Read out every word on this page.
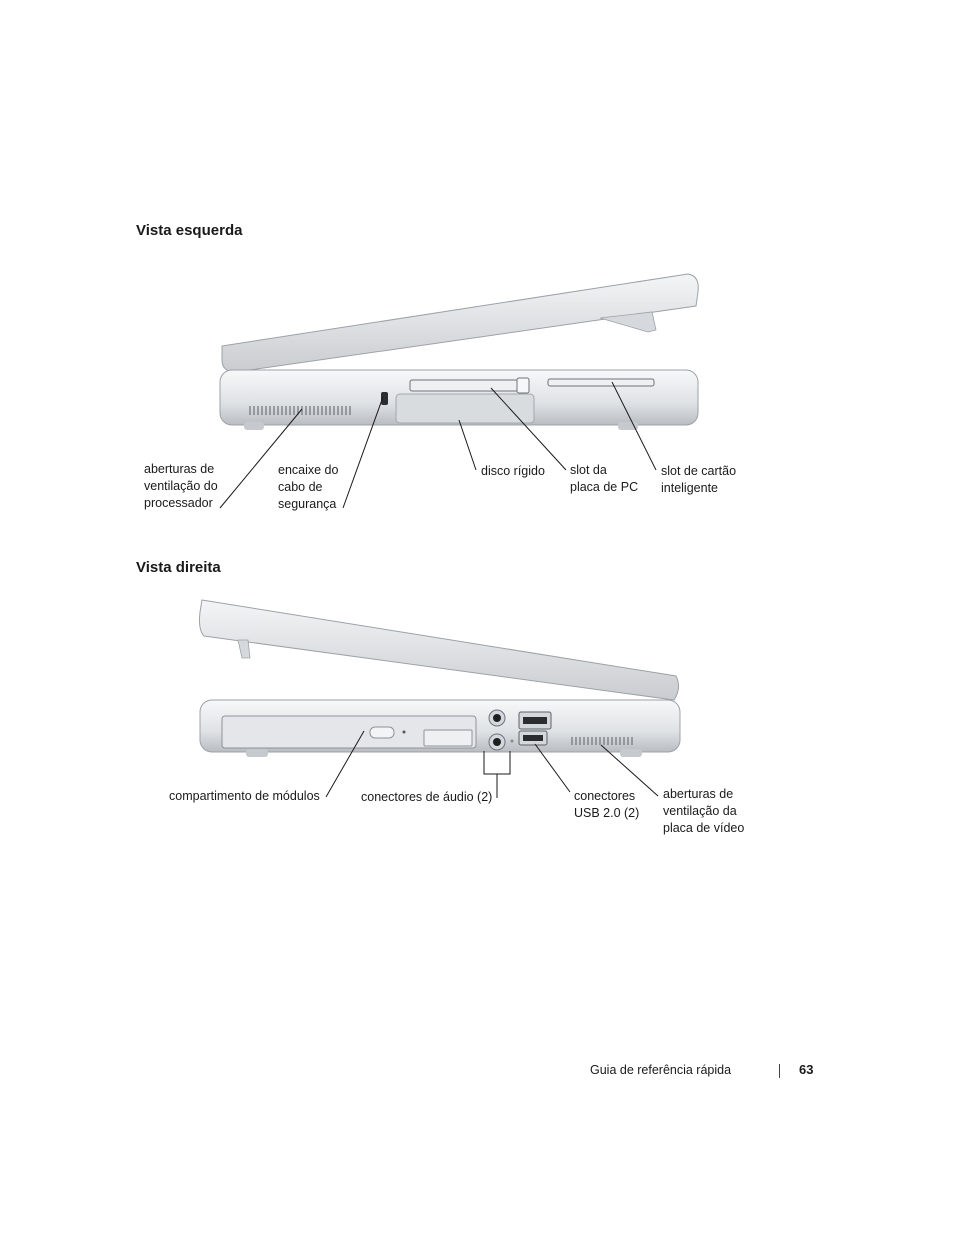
Vista esquerda
aberturas de
ventilação do
processador
encaixe do
cabo de
segurança
disco rígido slot da
placa de PC
slot de cartão
inteligente
Vista direita
compartimento de módulos	conectores de áudio (2)	conectores
USB 2.0 (2)
aberturas de
ventilação da
placa de vídeo
Guia de referência rápida	63
